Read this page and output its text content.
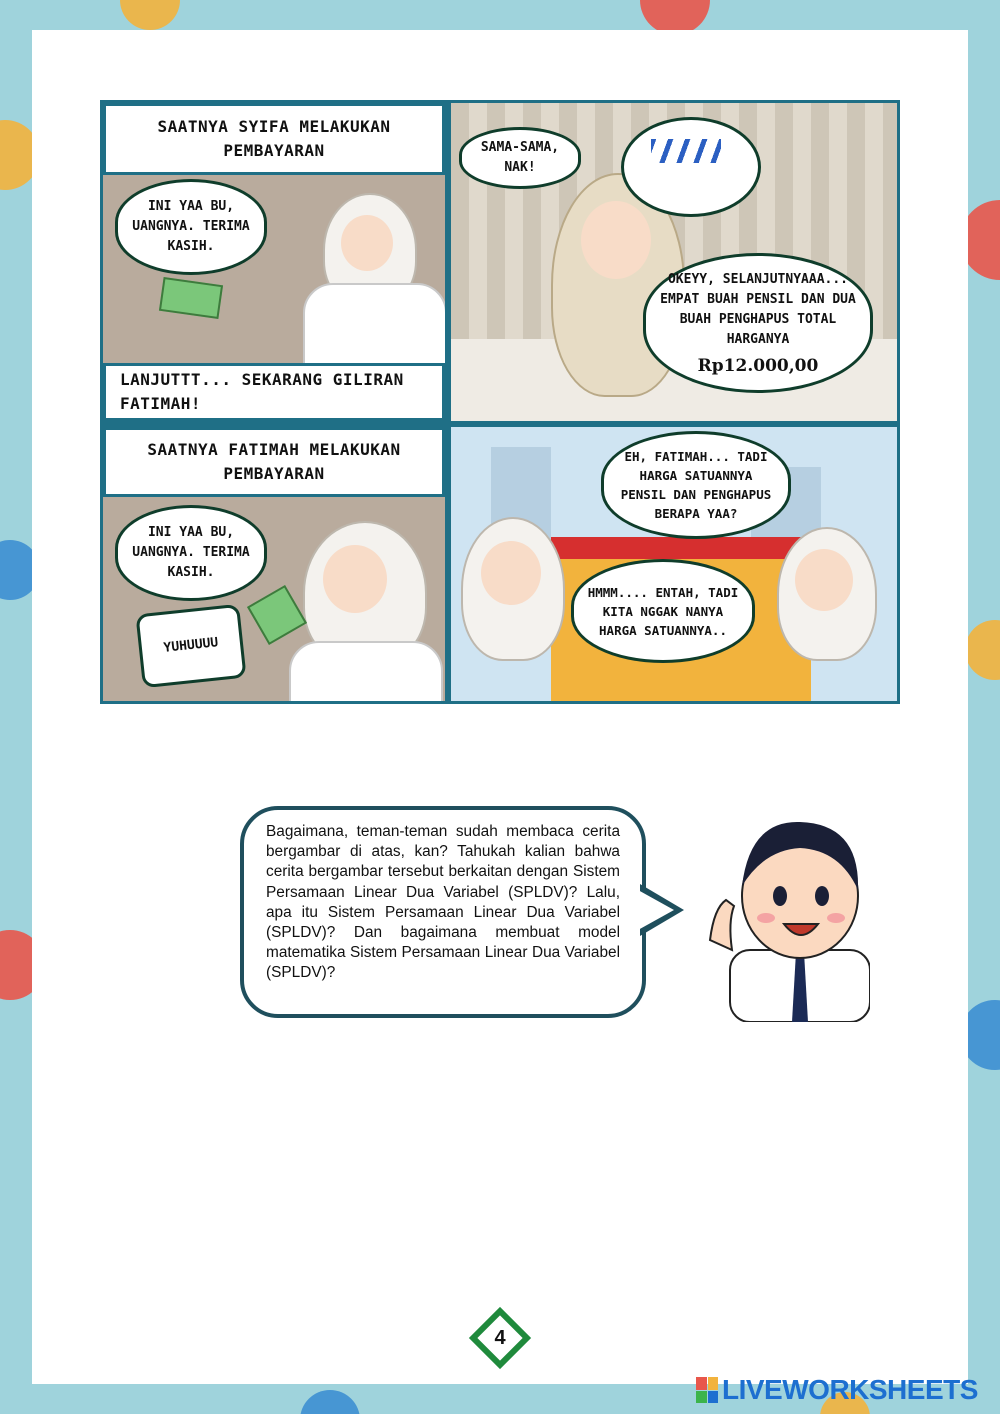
SAATNYA SYIFA MELAKUKAN PEMBAYARAN
INI YAA BU, UANGNYA. TERIMA KASIH.
LANJUTTT... SEKARANG GILIRAN FATIMAH!
SAMA-SAMA, NAK!
OKEYY, SELANJUTNYAAA... EMPAT BUAH PENSIL DAN DUA BUAH PENGHAPUS TOTAL HARGANYA
Rp12.000,00
SAATNYA FATIMAH MELAKUKAN PEMBAYARAN
INI YAA BU, UANGNYA. TERIMA KASIH.
YUHUUUU
EH, FATIMAH... TADI HARGA SATUANNYA PENSIL DAN PENGHAPUS BERAPA YAA?
HMMM.... ENTAH, TADI KITA NGGAK NANYA HARGA SATUANNYA..
Bagaimana, teman-teman sudah membaca cerita bergambar di atas, kan? Tahukah kalian bahwa cerita bergambar tersebut berkaitan dengan Sistem Persamaan Linear Dua Variabel (SPLDV)? Lalu, apa itu Sistem Persamaan Linear Dua Variabel (SPLDV)? Dan bagaimana membuat model matematika Sistem Persamaan Linear Dua Variabel (SPLDV)?
4
LIVEWORKSHEETS
